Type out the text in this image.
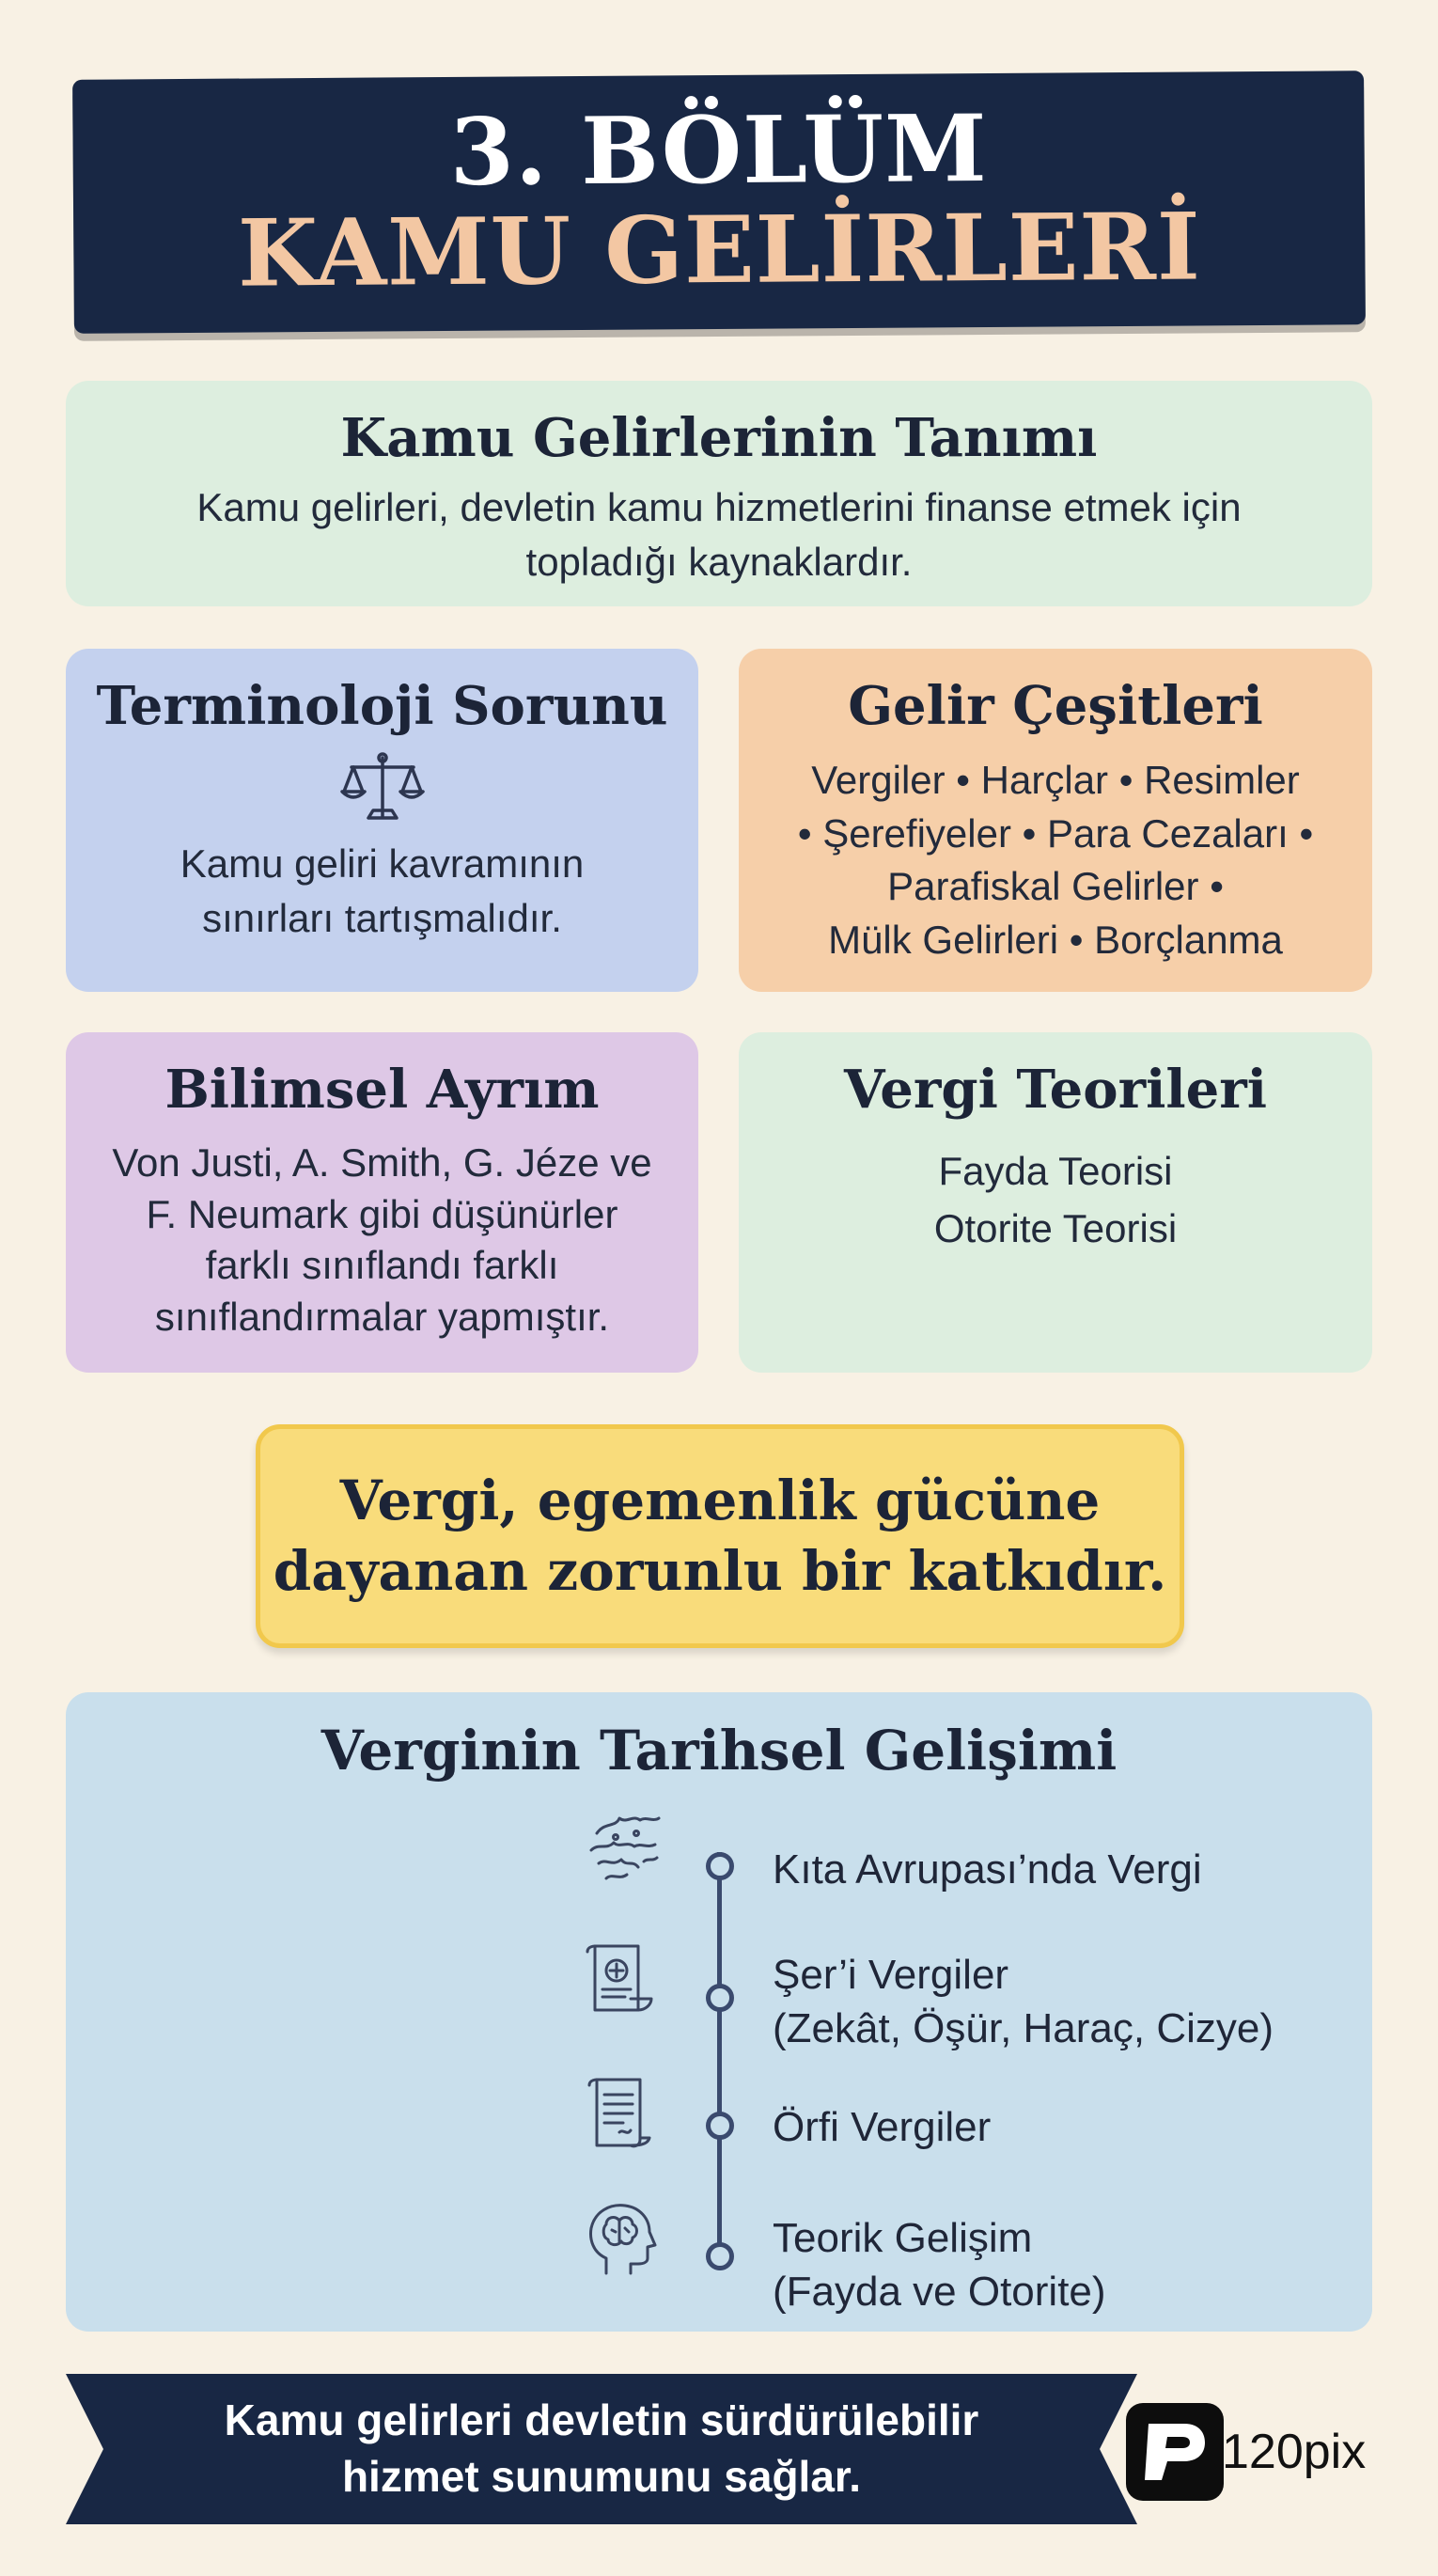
3. BÖLÜM
KAMU GELİRLERİ
Kamu Gelirlerinin Tanımı
Kamu gelirleri, devletin kamu hizmetlerini finanse etmek için topladığı kaynaklardır.
Terminoloji Sorunu
Kamu geliri kavramının
sınırları tartışmalıdır.
Gelir Çeşitleri
Vergiler • Harçlar • Resimler
• Şerefiyeler • Para Cezaları •
Parafiskal Gelirler •
Mülk Gelirleri • Borçlanma
Bilimsel Ayrım
Von Justi, A. Smith, G. Jéze ve
F. Neumark gibi düşünürler
farklı sınıflandı farklı
sınıflandırmalar yapmıştır.
Vergi Teorileri
Fayda Teorisi
Otorite Teorisi
Vergi, egemenlik gücüne
dayanan zorunlu bir katkıdır.
Verginin Tarihsel Gelişimi
Kıta Avrupası’nda Vergi
Şer’i Vergiler
(Zekât, Öşür, Haraç, Cizye)
Örfi Vergiler
Teorik Gelişim
(Fayda ve Otorite)
Kamu gelirleri devletin sürdürülebilir
hizmet sunumunu sağlar.	120pix
